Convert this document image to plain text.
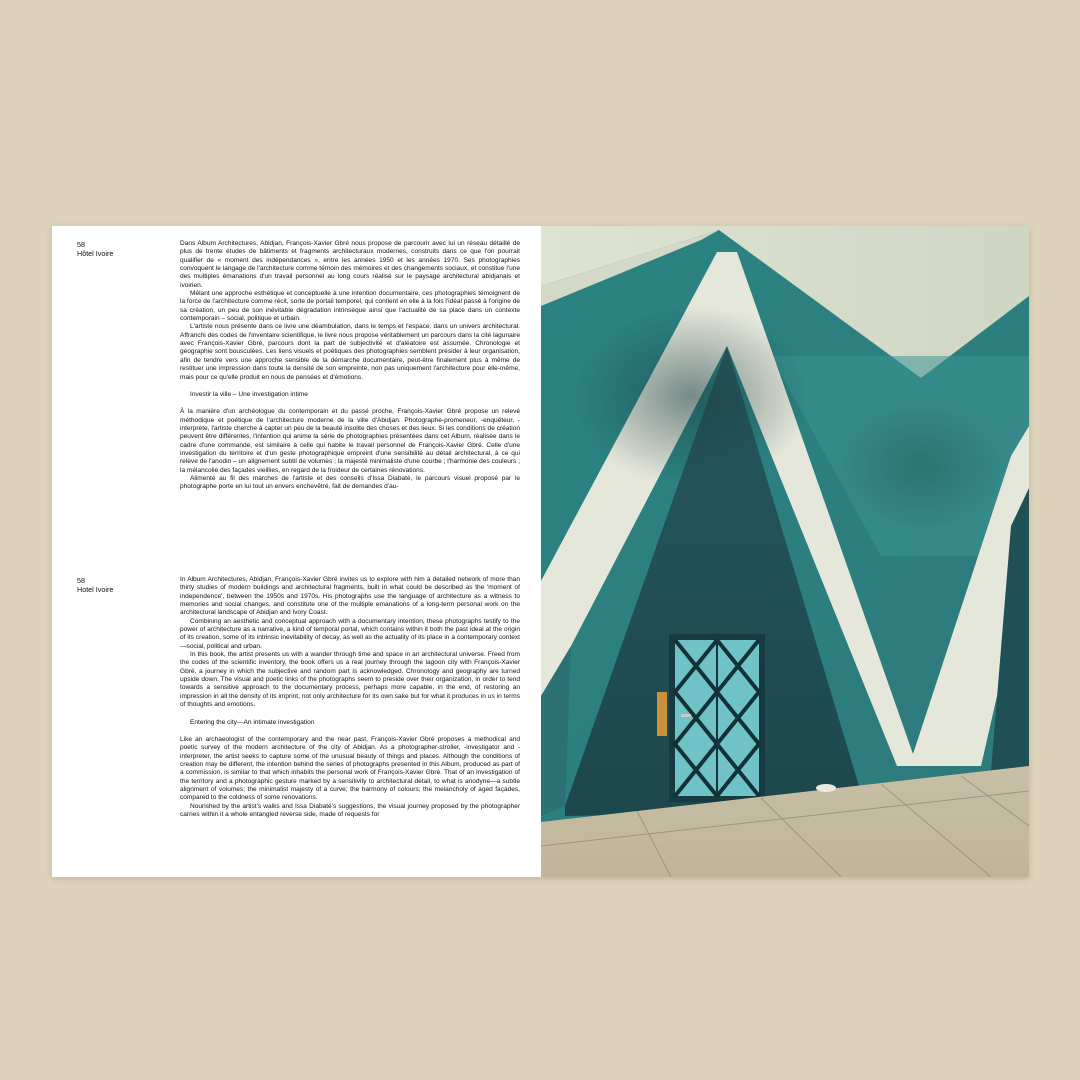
58
Hôtel Ivoire

Dans Album Architectures, Abidjan, François-Xavier Gbré nous propose de parcourir avec lui un réseau détaillé de plus de trente études de bâtiments et fragments architecturaux modernes, construits dans ce que l'on pourrait qualifier de « moment des indépendances », entre les années 1950 et les années 1970. Ses photographies convoquent le langage de l'architecture comme témoin des mémoires et des changements sociaux, et constitue l'une des multiples émanations d'un travail personnel au long cours réalisé sur le paysage architectural abidjanais et ivoirien.

Mêlant une approche esthétique et conceptuelle à une intention documentaire, ces photographies témoignent de la force de l'architecture comme récit, sorte de portail temporel, qui contient en elle à la fois l'idéal passé à l'origine de sa création, un peu de son inévitable dégradation intrinsèque ainsi que l'actualité de sa place dans un contexte contemporain – social, politique et urbain.

L'artiste nous présente dans ce livre une déambulation, dans le temps et l'espace, dans un univers architectural. Affranchi des codes de l'inventaire scientifique, le livre nous propose véritablement un parcours dans la cité lagunaire avec François-Xavier Gbré, parcours dont la part de subjectivité et d'aléatoire est assumée. Chronologie et géographie sont bousculées. Les liens visuels et poétiques des photographies semblent présider à leur organisation, afin de tendre vers une approche sensible de la démarche documentaire, peut-être finalement plus à même de restituer une impression dans toute la densité de son empreinte, non pas uniquement l'architecture pour elle-même, mais pour ce qu'elle produit en nous de pensées et d'émotions.

Investir la ville – Une investigation intime

À la manière d'un archéologue du contemporain et du passé proche, François-Xavier Gbré propose un relevé méthodique et poétique de l'architecture moderne de la ville d'Abidjan. Photographe-promeneur, -enquêteur, -interprète, l'artiste cherche à capter un peu de la beauté insolite des choses et des lieux. Si les conditions de création peuvent être différentes, l'intention qui anime la série de photographies présentées dans cet Album, réalisée dans le cadre d'une commande, est similaire à celle qui habite le travail personnel de François-Xavier Gbré. Celle d'une investigation du territoire et d'un geste photographique empreint d'une sensibilité au détail architectural, à ce qui relève de l'anodin – un alignement subtil de volumes ; la majesté minimaliste d'une courbe ; l'harmonie des couleurs ; la mélancolie des façades vieillies, en regard de la froideur de certaines rénovations.

Alimenté au fil des marches de l'artiste et des conseils d'Issa Diabaté, le parcours visuel proposé par le photographe porte en lui tout un envers enchevêtré, fait de demandes d'au-

58
Hotel Ivoire

In Album Architectures, Abidjan, François-Xavier Gbré invites us to explore with him a detailed network of more than thirty studies of modern buildings and architectural fragments, built in what could be described as the 'moment of independence', between the 1950s and 1970s. His photographs use the language of architecture as a witness to memories and social changes, and constitute one of the multiple emanations of a long-term personal work on the architectural landscape of Abidjan and Ivory Coast.

Combining an aesthetic and conceptual approach with a documentary intention, these photographs testify to the power of architecture as a narrative, a kind of temporal portal, which contains within it both the past ideal at the origin of its creation, some of its intrinsic inevitability of decay, as well as the actuality of its place in a contemporary context—social, political and urban.

In this book, the artist presents us with a wander through time and space in an architectural universe. Freed from the codes of the scientific inventory, the book offers us a real journey through the lagoon city with François-Xavier Gbré, a journey in which the subjective and random part is acknowledged. Chronology and geography are turned upside down. The visual and poetic links of the photographs seem to preside over their organization, in order to tend towards a sensitive approach to the documentary process, perhaps more capable, in the end, of restoring an impression in all the density of its imprint, not only architecture for its own sake but for what it produces in us in terms of thoughts and emotions.

Entering the city—An intimate investigation

Like an archaeologist of the contemporary and the near past, François-Xavier Gbré proposes a methodical and poetic survey of the modern architecture of the city of Abidjan. As a photographer-stroller, -investigator and -interpreter, the artist seeks to capture some of the unusual beauty of things and places. Although the conditions of creation may be different, the intention behind the series of photographs presented in this Album, produced as part of a commission, is similar to that which inhabits the personal work of François-Xavier Gbré. That of an investigation of the territory and a photographic gesture marked by a sensitivity to architectural detail, to what is anodyne—a subtle alignment of volumes; the minimalist majesty of a curve; the harmony of colours; the melancholy of aged façades, compared to the coldness of some renovations.

Nourished by the artist's walks and Issa Diabaté's suggestions, the visual journey proposed by the photographer carries within it a whole entangled reverse side, made of requests for
